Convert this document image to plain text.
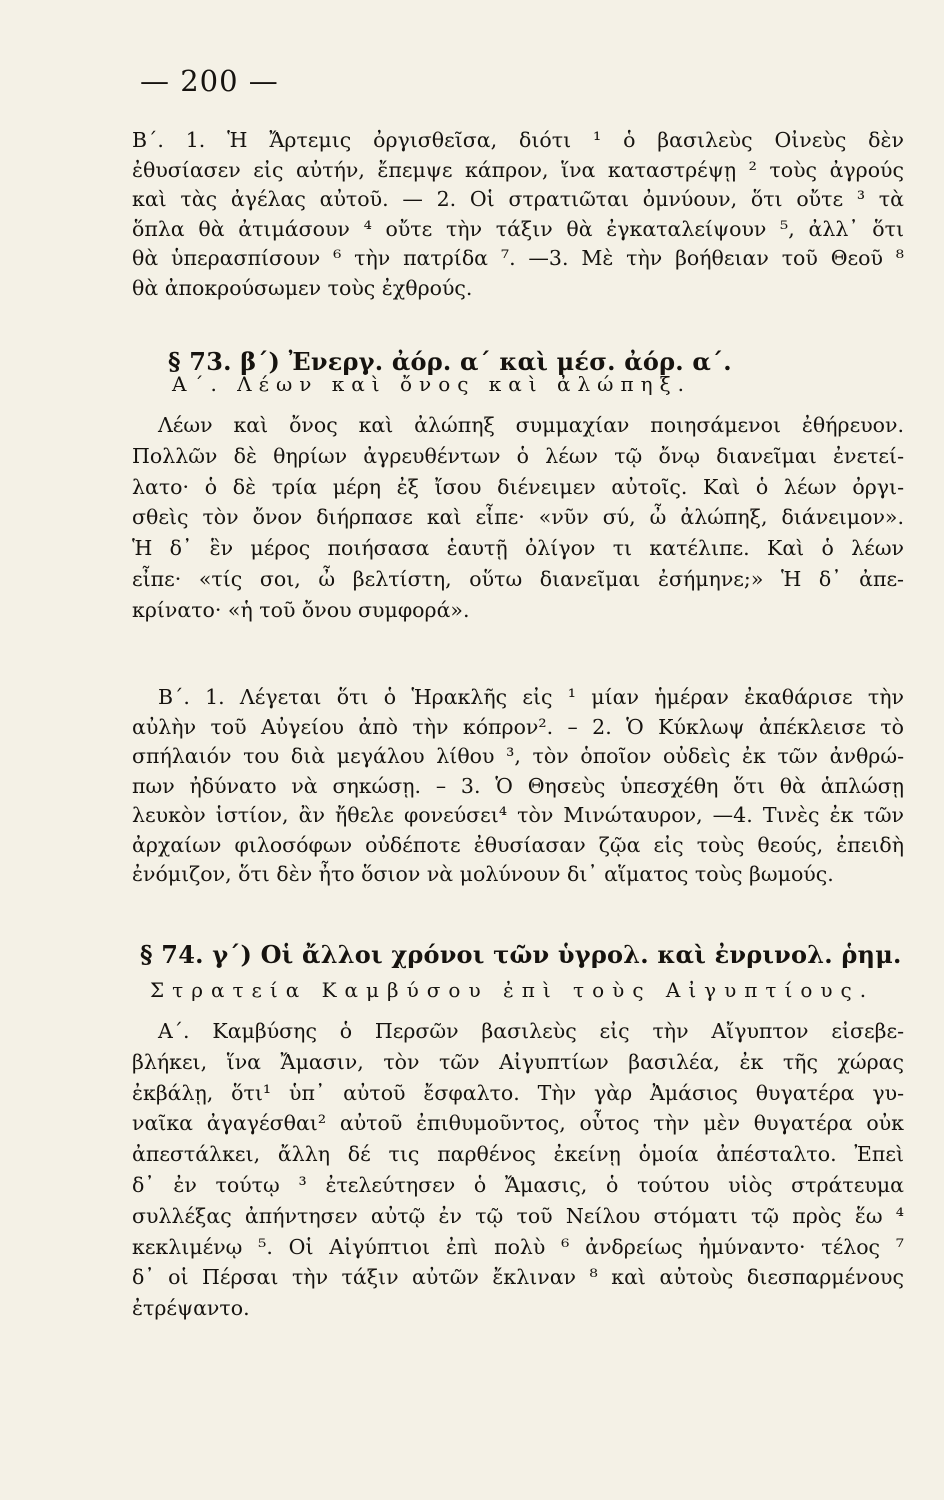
— 200 —
Β΄. 1. Ἡ Ἄρτεμις ὀργισθεῖσα, διότι ¹ ὁ βασιλεὺς Οἰνεὺς δὲν
ἐθυσίασεν εἰς αὐτήν, ἔπεμψε κάπρον, ἵνα καταστρέψῃ ² τοὺς ἀγρούς
καὶ τὰς ἀγέλας αὐτοῦ. — 2. Οἱ στρατιῶται ὀμνύουν, ὅτι οὔτε ³ τὰ
ὅπλα θὰ ἀτιμάσουν ⁴ οὔτε τὴν τάξιν θὰ ἐγκαταλείψουν ⁵, ἀλλ᾽ ὅτι
θὰ ὑπερασπίσουν ⁶ τὴν πατρίδα ⁷. —3. Μὲ τὴν βοήθειαν τοῦ Θεοῦ ⁸
θὰ ἀποκρούσωμεν τοὺς ἐχθρούς.
§ 73. β΄) Ἐνεργ. ἀόρ. α΄ καὶ μέσ. ἀόρ. α΄.
Α΄. Λέων καὶ ὄνος καὶ ἀλώπηξ.
Λέων καὶ ὄνος καὶ ἀλώπηξ συμμαχίαν ποιησάμενοι ἐθήρευον.
Πολλῶν δὲ θηρίων ἀγρευθέντων ὁ λέων τῷ ὄνῳ διανεῖμαι ἐνετεί-
λατο· ὁ δὲ τρία μέρη ἐξ ἴσου διένειμεν αὐτοῖς. Καὶ ὁ λέων ὀργι-
σθεὶς τὸν ὄνον διήρπασε καὶ εἶπε· «νῦν σύ, ὦ ἀλώπηξ, διάνειμον».
Ἡ δ᾽ ἓν μέρος ποιήσασα ἑαυτῇ ὀλίγον τι κατέλιπε. Καὶ ὁ λέων
εἶπε· «τίς σοι, ὦ βελτίστη, οὕτω διανεῖμαι ἐσήμηνε;» Ἡ δ᾽ ἀπε-
κρίνατο· «ἡ τοῦ ὄνου συμφορά».
Β΄. 1. Λέγεται ὅτι ὁ Ἡρακλῆς εἰς ¹ μίαν ἡμέραν ἐκαθάρισε τὴν
αὐλὴν τοῦ Αὐγείου ἀπὸ τὴν κόπρον². – 2. Ὁ Κύκλωψ ἀπέκλεισε τὸ
σπήλαιόν του διὰ μεγάλου λίθου ³, τὸν ὁποῖον οὐδεὶς ἐκ τῶν ἀνθρώ-
πων ἠδύνατο νὰ σηκώσῃ. – 3. Ὁ Θησεὺς ὑπεσχέθη ὅτι θὰ ἁπλώσῃ
λευκὸν ἱστίον, ἂν ἤθελε φονεύσει⁴ τὸν Μινώταυρον, —4. Τινὲς ἐκ τῶν
ἀρχαίων φιλοσόφων οὐδέποτε ἐθυσίασαν ζῷα εἰς τοὺς θεούς, ἐπειδὴ
ἐνόμιζον, ὅτι δὲν ἦτο ὅσιον νὰ μολύνουν δι᾽ αἵματος τοὺς βωμούς.
§ 74. γ΄) Οἱ ἄλλοι χρόνοι τῶν ὑγρολ. καὶ ἐνρινολ. ῥημ.
Στρατεία Καμβύσου ἐπὶ τοὺς Αἰγυπτίους.
Α΄. Καμβύσης ὁ Περσῶν βασιλεὺς εἰς τὴν Αἴγυπτον εἰσεβε-
βλήκει, ἵνα Ἄμασιν, τὸν τῶν Αἰγυπτίων βασιλέα, ἐκ τῆς χώρας
ἐκβάλῃ, ὅτι¹ ὑπ᾽ αὐτοῦ ἔσφαλτο. Τὴν γὰρ Ἀμάσιος θυγατέρα γυ-
ναῖκα ἀγαγέσθαι² αὐτοῦ ἐπιθυμοῦντος, οὗτος τὴν μὲν θυγατέρα οὐκ
ἀπεστάλκει, ἄλλη δέ τις παρθένος ἐκείνῃ ὁμοία ἀπέσταλτο. Ἐπεὶ
δ᾽ ἐν τούτῳ ³ ἐτελεύτησεν ὁ Ἄμασις, ὁ τούτου υἱὸς στράτευμα
συλλέξας ἀπήντησεν αὐτῷ ἐν τῷ τοῦ Νείλου στόματι τῷ πρὸς ἕω ⁴
κεκλιμένῳ ⁵. Οἱ Αἰγύπτιοι ἐπὶ πολὺ ⁶ ἀνδρείως ἠμύναντο· τέλος ⁷
δ᾽ οἱ Πέρσαι τὴν τάξιν αὐτῶν ἔκλιναν ⁸ καὶ αὐτοὺς διεσπαρμένους
ἐτρέψαντο.
